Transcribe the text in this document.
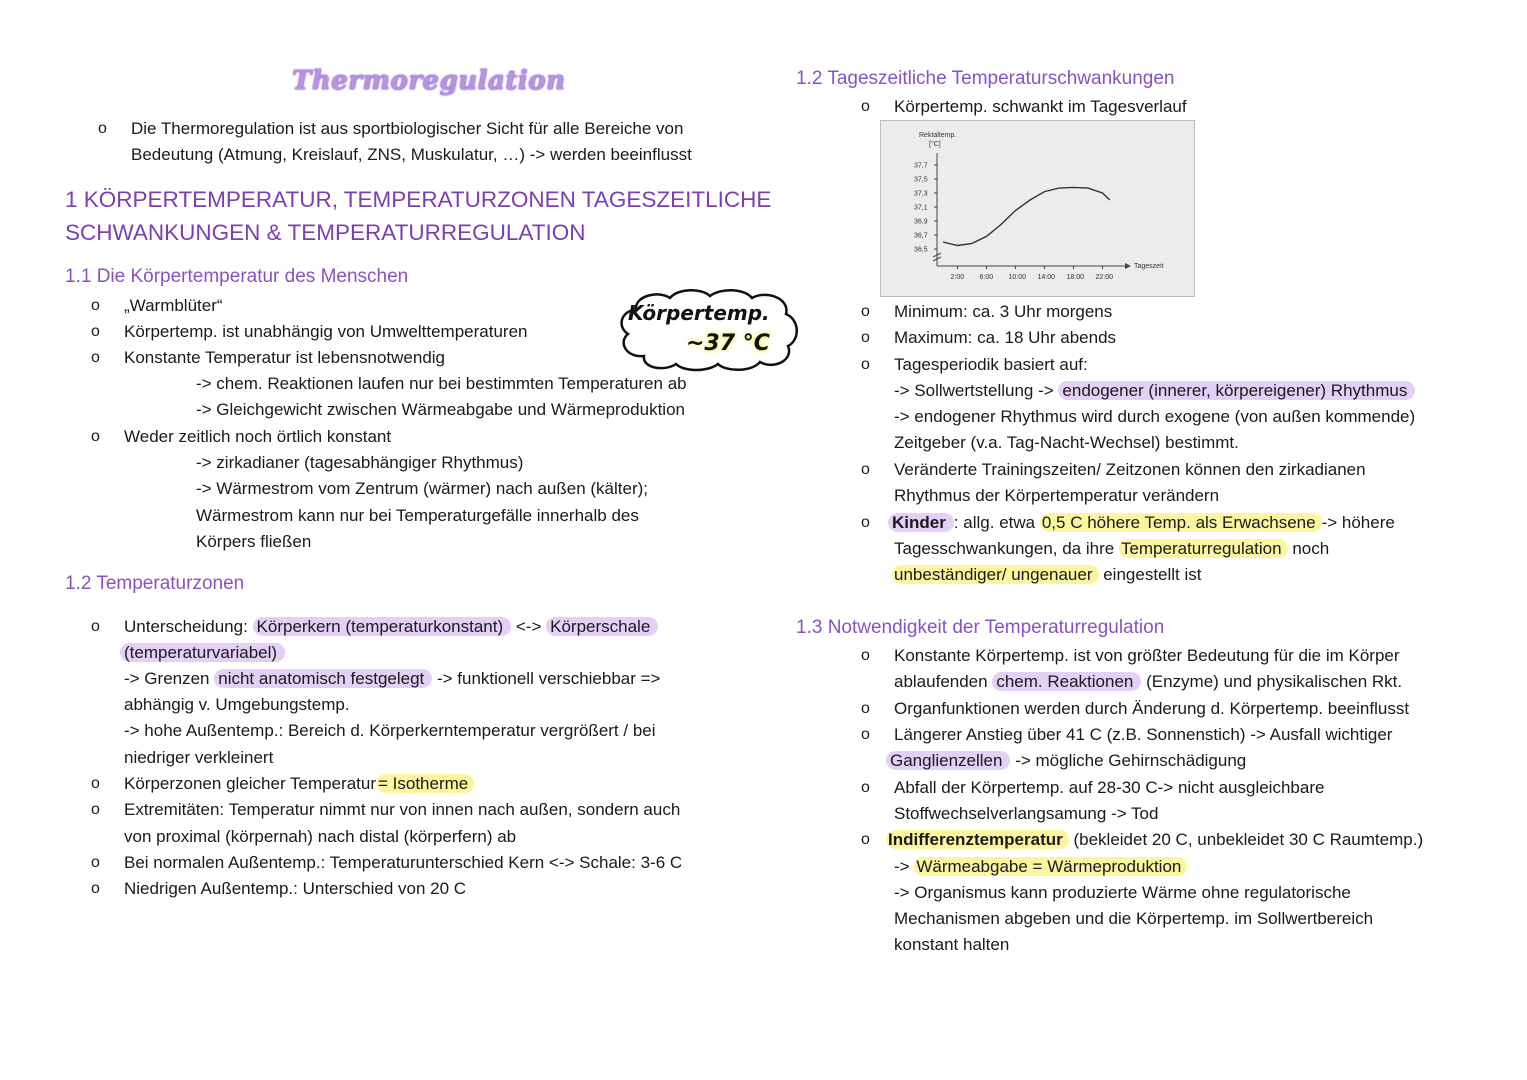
Thermoregulation
o Die Thermoregulation ist aus sportbiologischer Sicht für alle Bereiche von
Bedeutung (Atmung, Kreislauf, ZNS, Muskulatur, …) -> werden beeinflusst
1 KÖRPERTEMPERATUR, TEMPERATURZONEN TAGESZEITLICHE
SCHWANKUNGEN & TEMPERATURREGULATION
1.1 Die Körpertemperatur des Menschen
o „Warmblüter“
o Körpertemp. ist unabhängig von Umwelttemperaturen
o Konstante Temperatur ist lebensnotwendig
-> chem. Reaktionen laufen nur bei bestimmten Temperaturen ab
-> Gleichgewicht zwischen Wärmeabgabe und Wärmeproduktion
o Weder zeitlich noch örtlich konstant
-> zirkadianer (tagesabhängiger Rhythmus)
-> Wärmestrom vom Zentrum (wärmer) nach außen (kälter);
Wärmestrom kann nur bei Temperaturgefälle innerhalb des
Körpers fließen
Körpertemp.
~37 °C
1.2 Temperaturzonen
o Unterscheidung: Körperkern (temperaturkonstant) <-> Körperschale
(temperaturvariabel)
-> Grenzen nicht anatomisch festgelegt -> funktionell verschiebbar =>
abhängig v. Umgebungstemp.
-> hohe Außentemp.: Bereich d. Körperkerntemperatur vergrößert / bei
niedriger verkleinert
o Körperzonen gleicher Temperatur = Isotherme
o Extremitäten: Temperatur nimmt nur von innen nach außen, sondern auch
von proximal (körpernah) nach distal (körperfern) ab
o Bei normalen Außentemp.: Temperaturunterschied Kern <-> Schale: 3-6 C
o Niedrigen Außentemp.: Unterschied von 20 C
1.2 Tageszeitliche Temperaturschwankungen
o Körpertemp. schwankt im Tagesverlauf
Rektaltemp.
[°C]
37,7
37,5
37,3
37,1
36,9
36,7
36,5
2:00 6:00 10:00 14:00 18:00 22:00
Tageszeit
o Minimum: ca. 3 Uhr morgens
o Maximum: ca. 18 Uhr abends
o Tagesperiodik basiert auf:
-> Sollwertstellung -> endogener (innerer, körpereigener) Rhythmus
-> endogener Rhythmus wird durch exogene (von außen kommende)
Zeitgeber (v.a. Tag-Nacht-Wechsel) bestimmt.
o Veränderte Trainingszeiten/ Zeitzonen können den zirkadianen
Rhythmus der Körpertemperatur verändern
o Kinder : allg. etwa 0,5 C höhere Temp. als Erwachsene -> höhere
Tagesschwankungen, da ihre Temperaturregulation noch
unbeständiger/ ungenauer eingestellt ist
1.3 Notwendigkeit der Temperaturregulation
o Konstante Körpertemp. ist von größter Bedeutung für die im Körper
ablaufenden chem. Reaktionen (Enzyme) und physikalischen Rkt.
o Organfunktionen werden durch Änderung d. Körpertemp. beeinflusst
o Längerer Anstieg über 41 C (z.B. Sonnenstich) -> Ausfall wichtiger
Ganglienzellen -> mögliche Gehirnschädigung
o Abfall der Körpertemp. auf 28-30 C-> nicht ausgleichbare
Stoffwechselverlangsamung -> Tod
o Indifferenztemperatur (bekleidet 20 C, unbekleidet 30 C Raumtemp.)
-> Wärmeabgabe = Wärmeproduktion
-> Organismus kann produzierte Wärme ohne regulatorische
Mechanismen abgeben und die Körpertemp. im Sollwertbereich
konstant halten
